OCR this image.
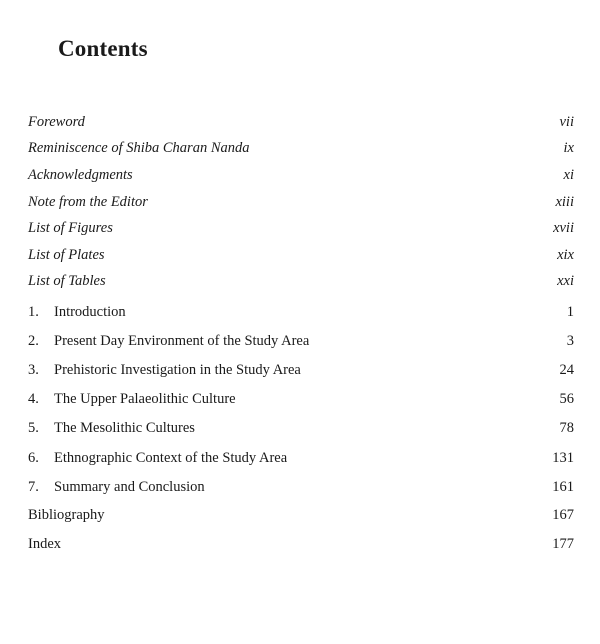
Contents
Foreword	vii
Reminiscence of Shiba Charan Nanda	ix
Acknowledgments	xi
Note from the Editor	xiii
List of Figures	xvii
List of Plates	xix
List of Tables	xxi
1.	Introduction	1
2.	Present Day Environment of the Study Area	3
3.	Prehistoric Investigation in the Study Area	24
4.	The Upper Palaeolithic Culture	56
5.	The Mesolithic Cultures	78
6.	Ethnographic Context of the Study Area	131
7.	Summary and Conclusion	161
Bibliography	167
Index	177
